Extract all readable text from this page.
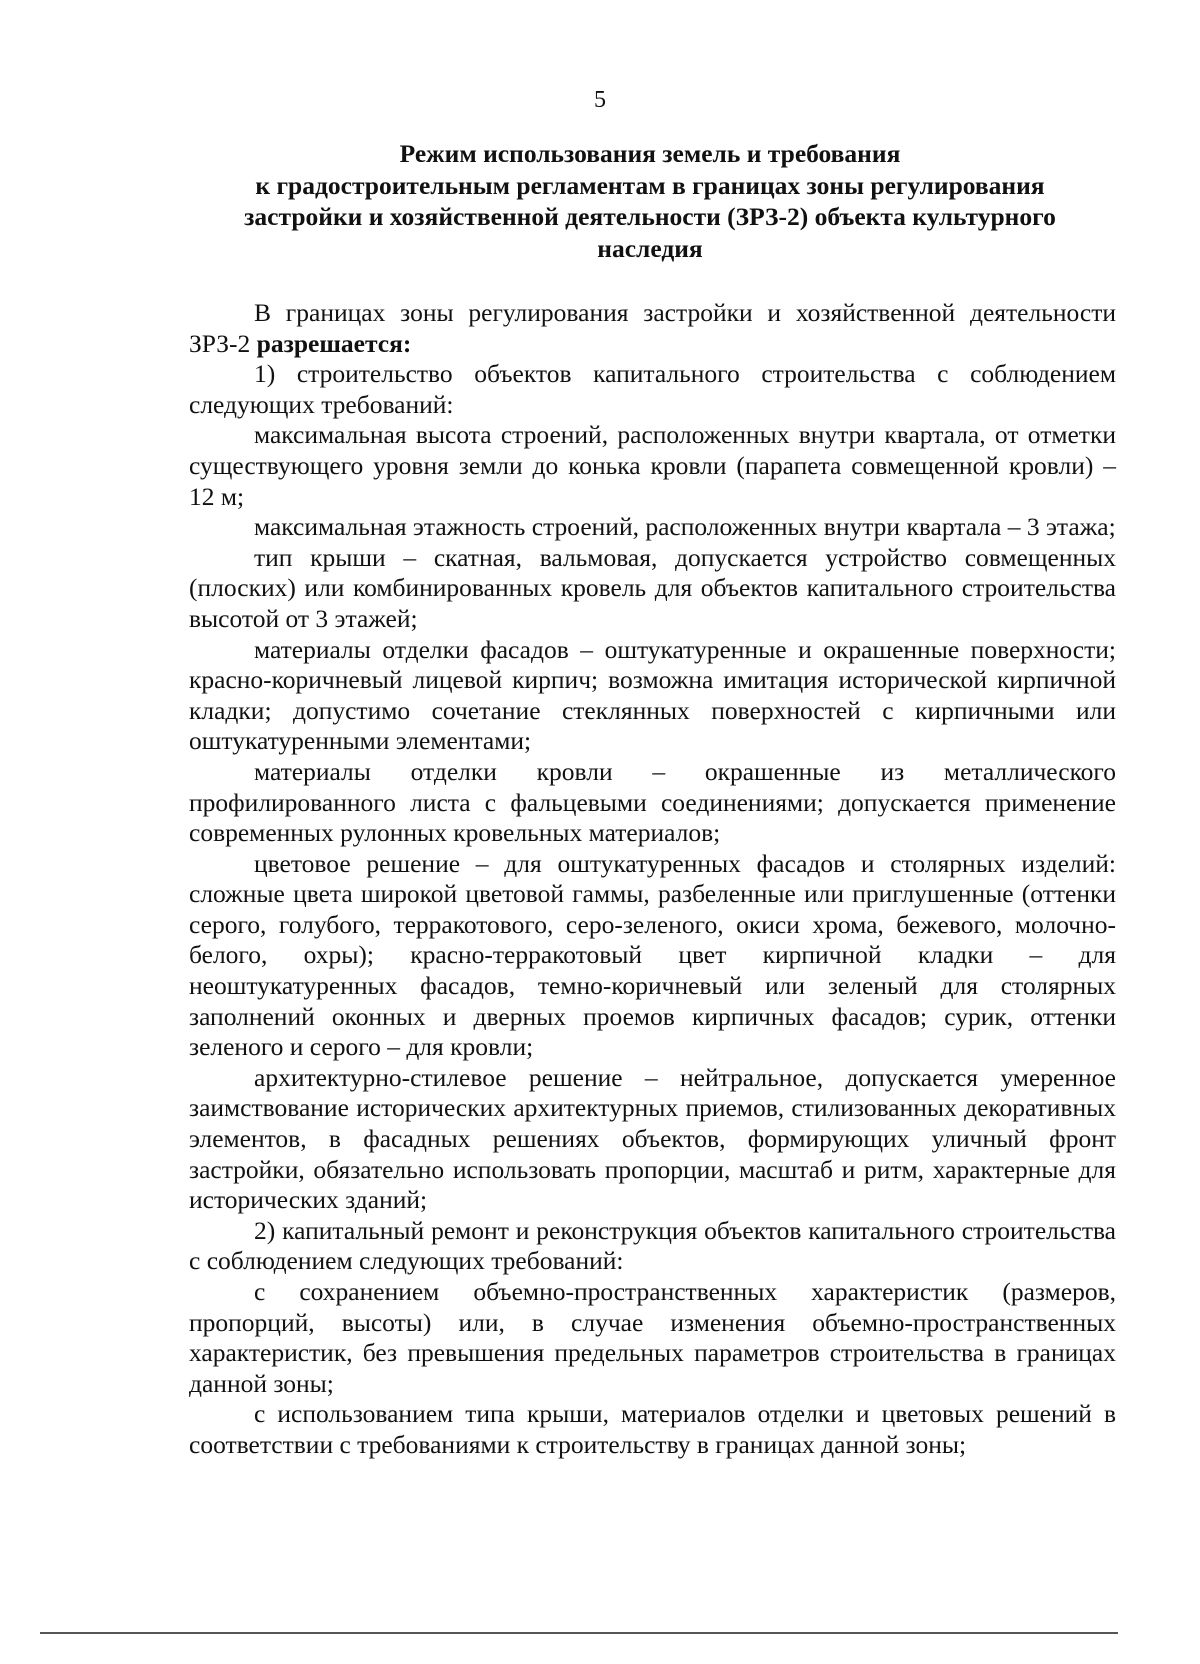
5
Режим использования земель и требования
к градостроительным регламентам в границах зоны регулирования
застройки и хозяйственной деятельности (ЗРЗ-2) объекта культурного
наследия

В границах зоны регулирования застройки и хозяйственной деятельности ЗРЗ-2 разрешается:

1) строительство объектов капитального строительства с соблюдением следующих требований:

максимальная высота строений, расположенных внутри квартала, от отметки существующего уровня земли до конька кровли (парапета совмещенной кровли) – 12 м;

максимальная этажность строений, расположенных внутри квартала – 3 этажа;

тип крыши – скатная, вальмовая, допускается устройство совмещенных (плоских) или комбинированных кровель для объектов капитального строительства высотой от 3 этажей;

материалы отделки фасадов – оштукатуренные и окрашенные поверхности; красно-коричневый лицевой кирпич; возможна имитация исторической кирпичной кладки; допустимо сочетание стеклянных поверхностей с кирпичными или оштукатуренными элементами;

материалы отделки кровли – окрашенные из металлического профилированного листа с фальцевыми соединениями; допускается применение современных рулонных кровельных материалов;

цветовое решение – для оштукатуренных фасадов и столярных изделий: сложные цвета широкой цветовой гаммы, разбеленные или приглушенные (оттенки серого, голубого, терракотового, серо-зеленого, окиси хрома, бежевого, молочно-белого, охры); красно-терракотовый цвет кирпичной кладки – для неоштукатуренных фасадов, темно-коричневый или зеленый для столярных заполнений оконных и дверных проемов кирпичных фасадов; сурик, оттенки зеленого и серого – для кровли;

архитектурно-стилевое решение – нейтральное, допускается умеренное заимствование исторических архитектурных приемов, стилизованных декоративных элементов, в фасадных решениях объектов, формирующих уличный фронт застройки, обязательно использовать пропорции, масштаб и ритм, характерные для исторических зданий;

2) капитальный ремонт и реконструкция объектов капитального строительства с соблюдением следующих требований:

с сохранением объемно-пространственных характеристик (размеров, пропорций, высоты) или, в случае изменения объемно-пространственных характеристик, без превышения предельных параметров строительства в границах данной зоны;

с использованием типа крыши, материалов отделки и цветовых решений в соответствии с требованиями к строительству в границах данной зоны;
